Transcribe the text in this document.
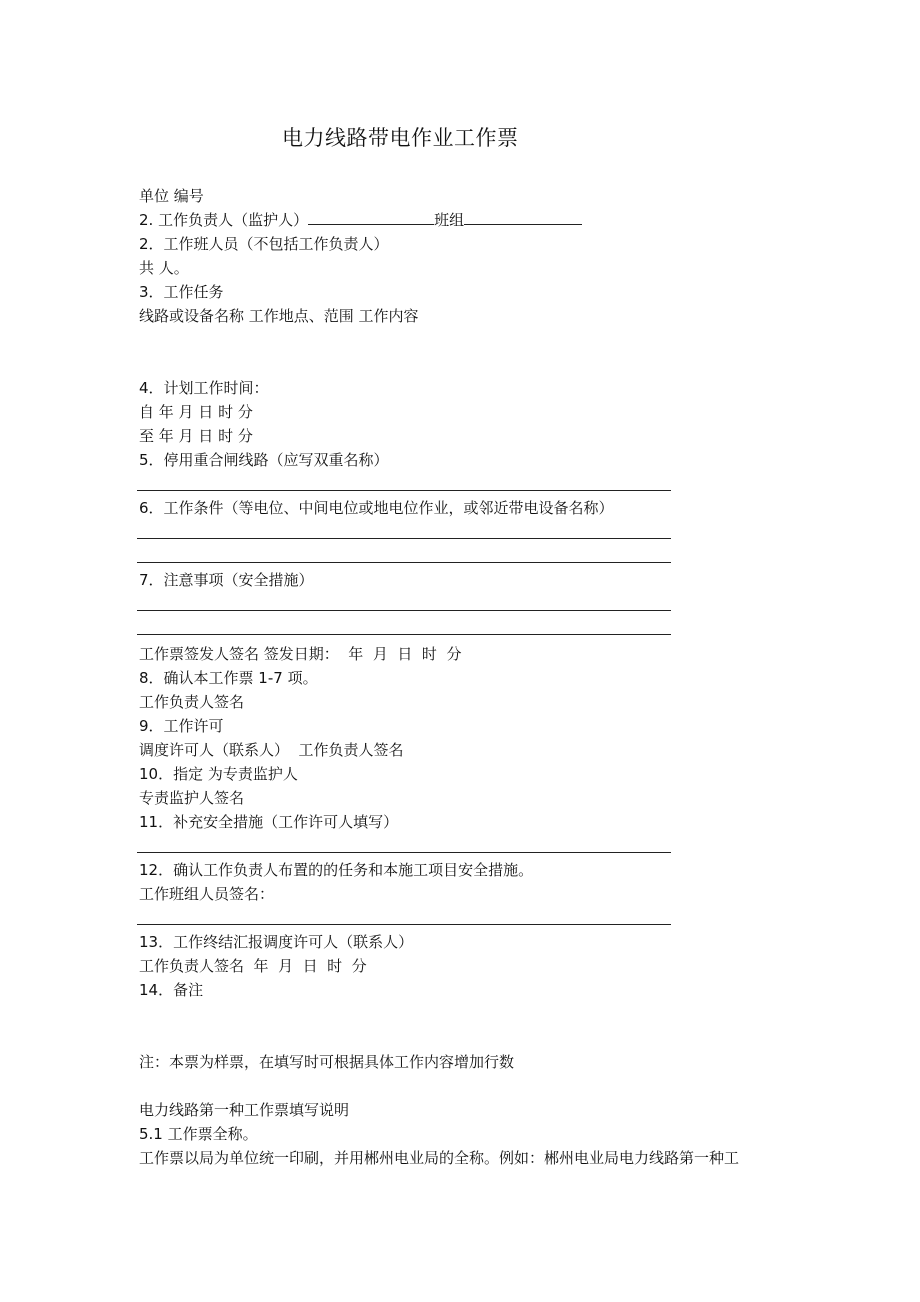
电力线路带电作业工作票
单位 编号
2. 工作负责人（监护人）	班组
2．工作班人员（不包括工作负责人）
共 人。
3．工作任务
线路或设备名称 工作地点、范围 工作内容
4．计划工作时间：
自 年 月 日 时 分
至 年 月 日 时 分
5．停用重合闸线路（应写双重名称）
6．工作条件（等电位、中间电位或地电位作业，或邻近带电设备名称）
7．注意事项（安全措施）
工作票签发人签名 签发日期：  年  月  日  时  分
8．确认本工作票 1-7 项。
工作负责人签名
9．工作许可
调度许可人（联系人）  工作负责人签名
10．指定 为专责监护人
专责监护人签名
11．补充安全措施（工作许可人填写）
12．确认工作负责人布置的的任务和本施工项目安全措施。
工作班组人员签名：
13．工作终结汇报调度许可人（联系人）
工作负责人签名  年  月  日  时  分
14．备注
注：本票为样票，在填写时可根据具体工作内容增加行数
电力线路第一种工作票填写说明
5.1 工作票全称。
工作票以局为单位统一印刷，并用郴州电业局的全称。例如：郴州电业局电力线路第一种工
